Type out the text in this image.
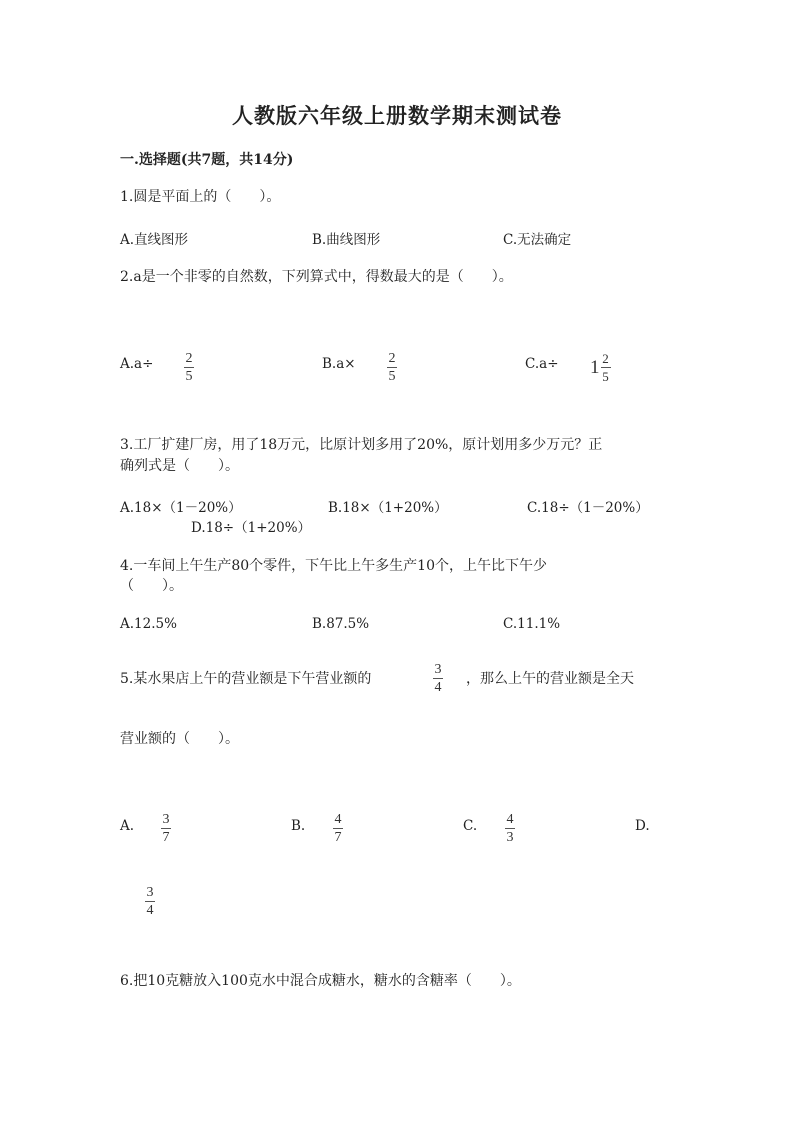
人教版六年级上册数学期末测试卷
一.选择题(共7题，共14分)
1.圆是平面上的（　　）。
A.直线图形	B.曲线图形	C.无法确定
2.a是一个非零的自然数，下列算式中，得数最大的是（　　）。
A.a÷ 2
5
B.a× 2
5
$C.a\div 1 \frac{2}{5}$
3.工厂扩建厂房，用了18万元，比原计划多用了20%，原计划用多少万元？正
确列式是（　　）。
A.18×（1－20%）	B.18×（1+20%）	C.18÷（1－20%）
D.18÷（1+20%）
4.一车间上午生产80个零件，下午比上午多生产10个，上午比下午少
（　　）。
A.12.5%	B.87.5%	C.11.1%
5.某水果店上午的营业额是下午营业额的
3
4
，那么上午的营业额是全天
营业额的（　　）。
A. 3
7
B. 4
7
C. 4
3
D.
3
4
6.把10克糖放入100克水中混合成糖水，糖水的含糖率（　　）。
